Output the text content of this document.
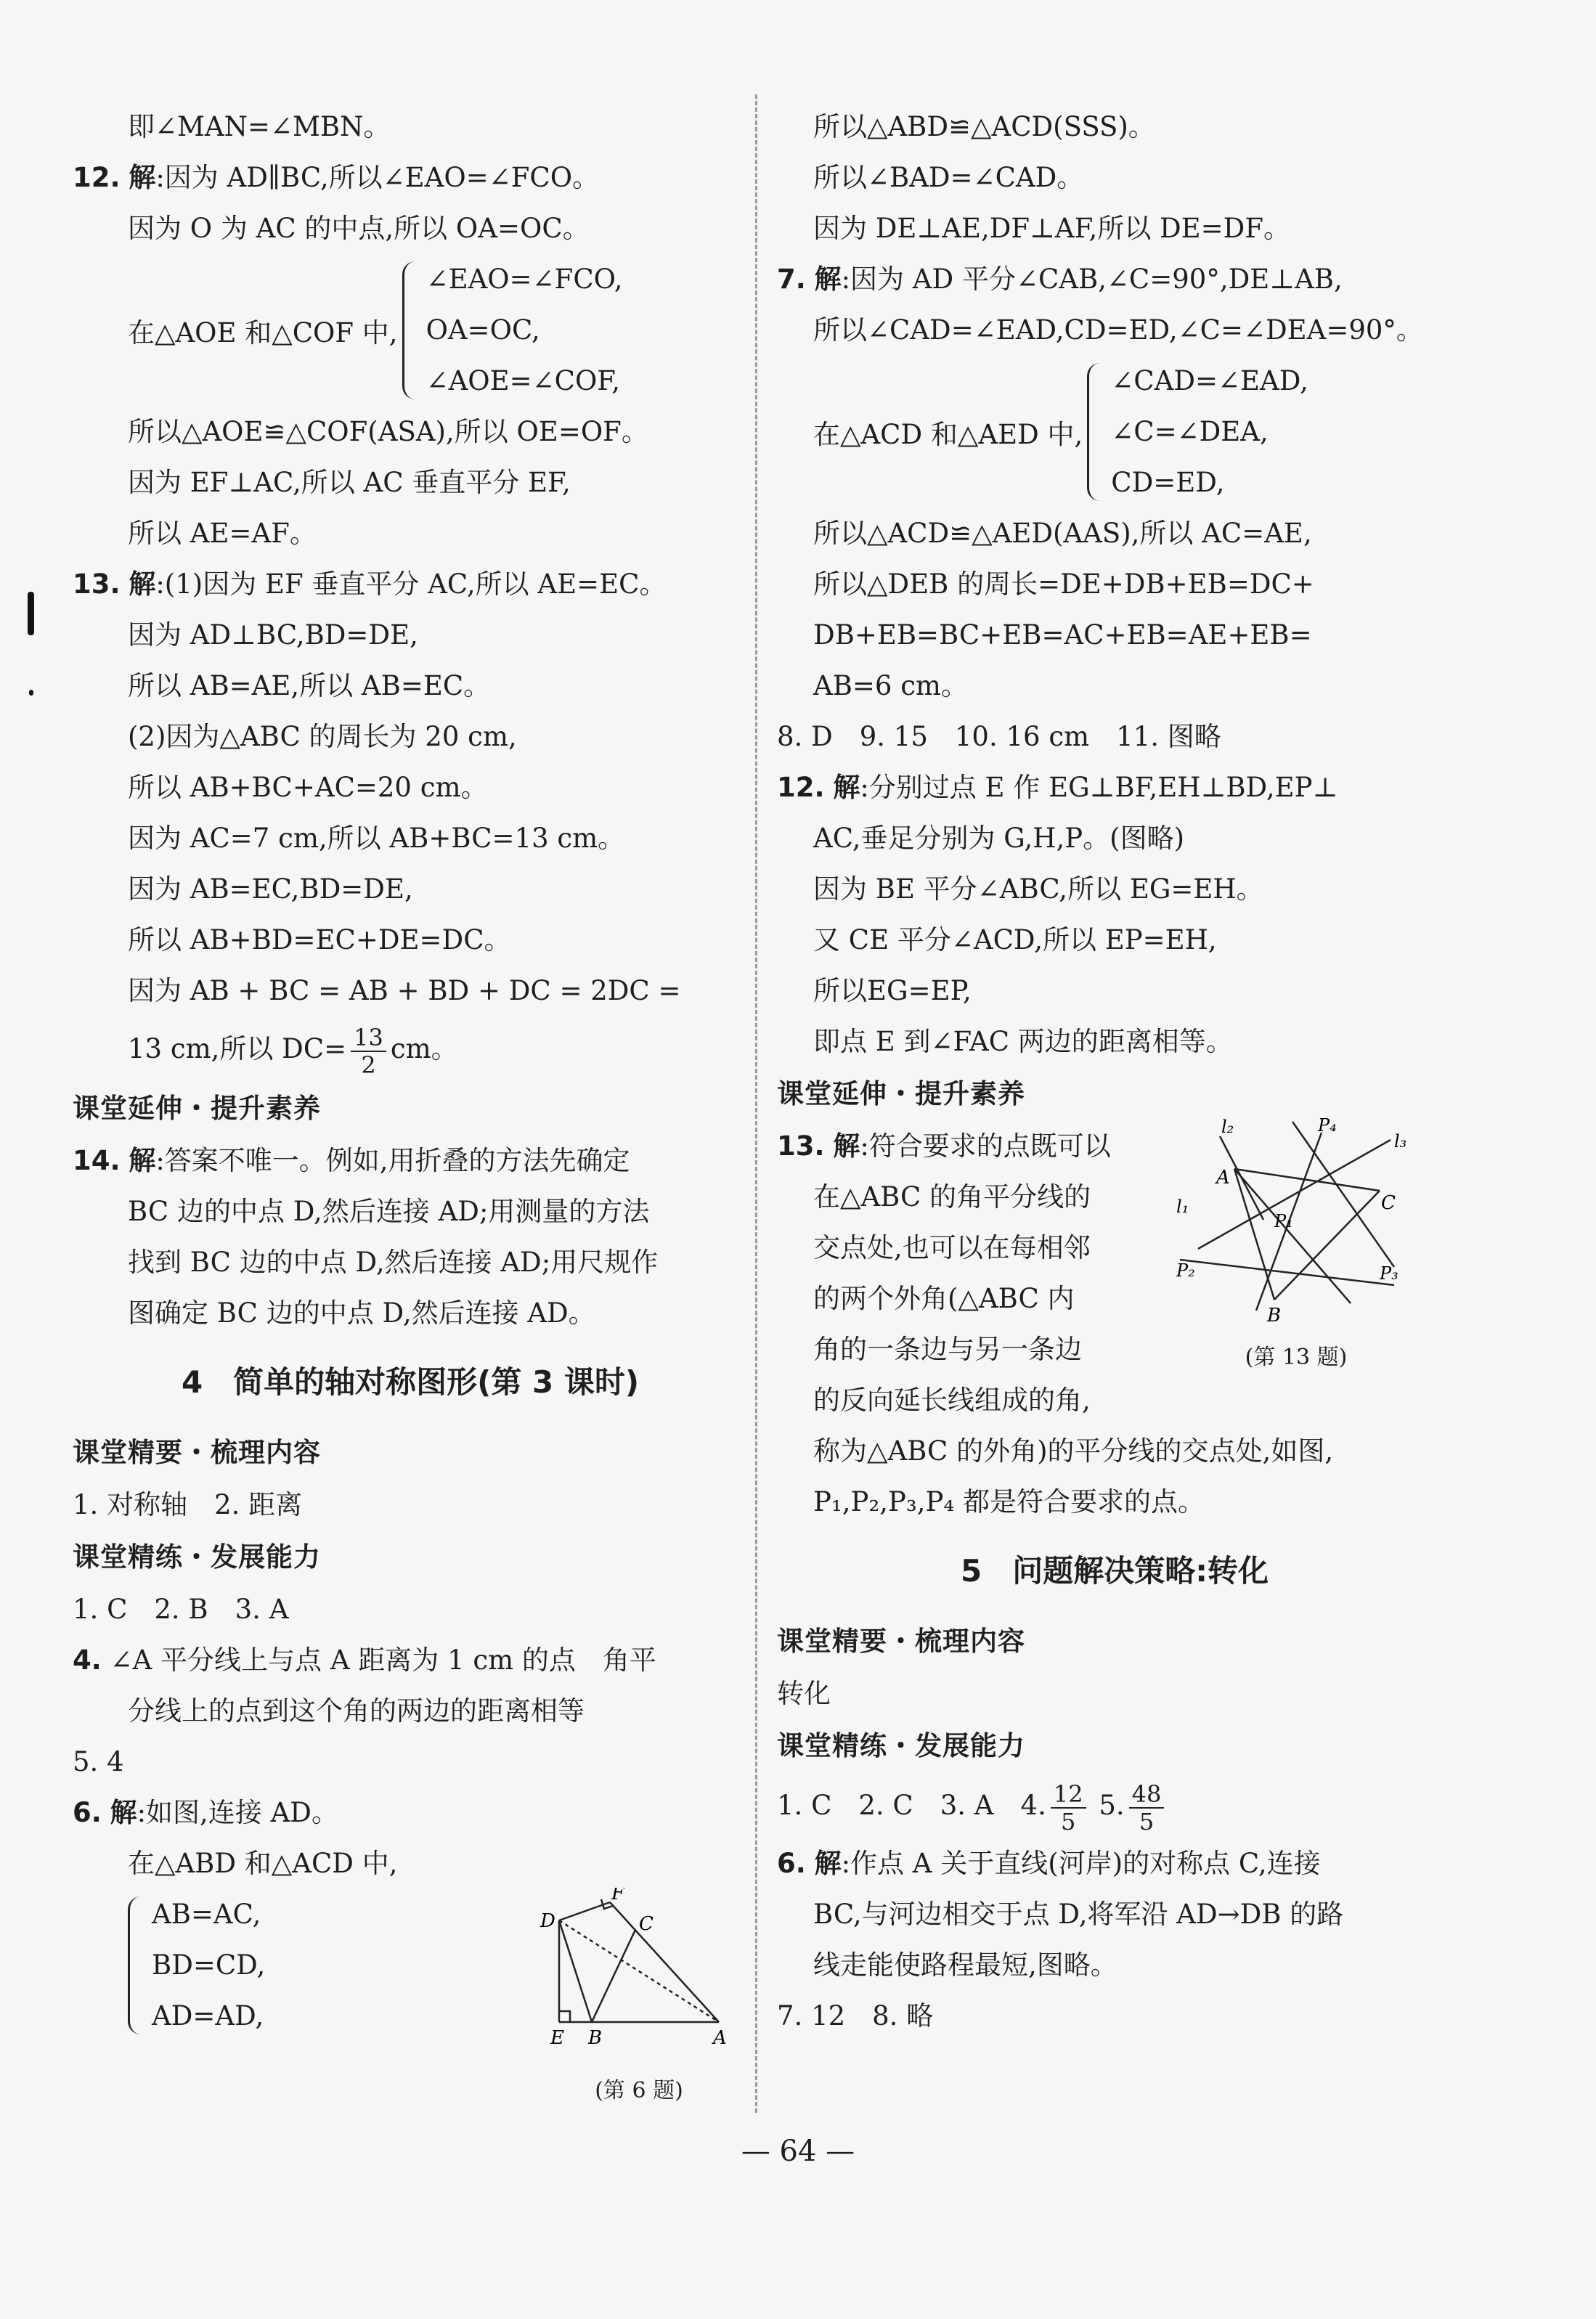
即∠MAN=∠MBN。
12. 解:因为 AD∥BC,所以∠EAO=∠FCO。
因为 O 为 AC 的中点,所以 OA=OC。
在△AOE 和△COF 中,
∠EAO=∠FCO,
OA=OC,
∠AOE=∠COF,
所以△AOE≌△COF(ASA),所以 OE=OF。
因为 EF⊥AC,所以 AC 垂直平分 EF,
所以 AE=AF。
13. 解:(1)因为 EF 垂直平分 AC,所以 AE=EC。
因为 AD⊥BC,BD=DE,
所以 AB=AE,所以 AB=EC。
(2)因为△ABC 的周长为 20 cm,
所以 AB+BC+AC=20 cm。
因为 AC=7 cm,所以 AB+BC=13 cm。
因为 AB=EC,BD=DE,
所以 AB+BD=EC+DE=DC。
因为 AB + BC = AB + BD + DC = 2DC =
13 cm,所以 $DC= \frac{13}{2}$ cm。
课堂延伸・提升素养
14. 解:答案不唯一。例如,用折叠的方法先确定
BC 边的中点 D,然后连接 AD;用测量的方法
找到 BC 边的中点 D,然后连接 AD;用尺规作
图确定 BC 边的中点 D,然后连接 AD。
4　简单的轴对称图形(第 3 课时)
课堂精要・梳理内容
1. 对称轴　2. 距离
课堂精练・发展能力
1. C　2. B　3. A
4. ∠A 平分线上与点 A 距离为 1 cm 的点　角平
分线上的点到这个角的两边的距离相等
5. 4
6. 解:如图,连接 AD。
在△ABD 和△ACD 中,
AB=AC,
BD=CD,
AD=AD,
F
C
D
E B	A
(第 6 题)
所以△ABD≌△ACD(SSS)。
所以∠BAD=∠CAD。
因为 DE⊥AE,DF⊥AF,所以 DE=DF。
7. 解:因为 AD 平分∠CAB,∠C=90°,DE⊥AB,
所以∠CAD=∠EAD,CD=ED,∠C=∠DEA=90°。
在△ACD 和△AED 中,
∠CAD=∠EAD,
∠C=∠DEA,
CD=ED,
所以△ACD≌△AED(AAS),所以 AC=AE,
所以△DEB 的周长=DE+DB+EB=DC+
DB+EB=BC+EB=AC+EB=AE+EB=
AB=6 cm。
8. D　9. 15　10. 16 cm　11. 图略
12. 解:分别过点 E 作 EG⊥BF,EH⊥BD,EP⊥
AC,垂足分别为 G,H,P。(图略)
因为 BE 平分∠ABC,所以 EG=EH。
又 CE 平分∠ACD,所以 EP=EH,
所以EG=EP,
即点 E 到∠FAC 两边的距离相等。
课堂延伸・提升素养
13. 解:符合要求的点既可以
在△ABC 的角平分线的
交点处,也可以在每相邻
的两个外角(△ABC 内
角的一条边与另一条边
的反向延长线组成的角,
称为△ABC 的外角)的平分线的交点处,如图,
P₁,P₂,P₃,P₄ 都是符合要求的点。
5　问题解决策略:转化
课堂精要・梳理内容
转化
课堂精练・发展能力
1. C　2. C　3. A　4. $\frac{12}{5} 5$. $\frac{48}{5}$
6. 解:作点 A 关于直线(河岸)的对称点 C,连接
BC,与河边相交于点 D,将军沿 AD→DB 的路
线走能使路程最短,图略。
7. 12　8. 略
l₂	P₄
l₃
A
C
l₁
P₁
P₂	P₃
B
(第 13 题)
— 64 —
